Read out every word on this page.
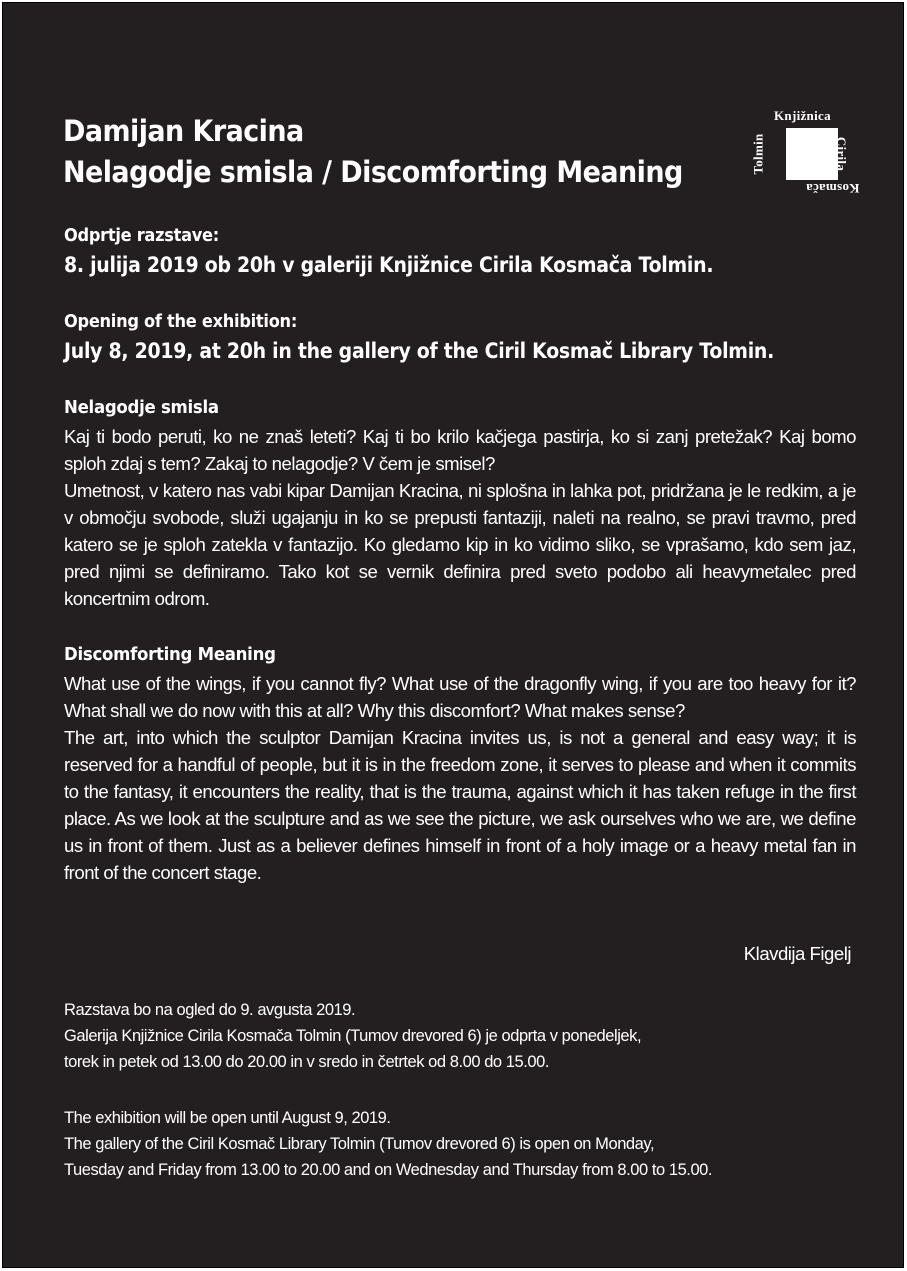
Damijan Kracina
Nelagodje smisla / Discomforting Meaning
Knjižnica
Cirila
Kosmača
Tolmin

Odprtje razstave:

8. julija 2019 ob 20h v galeriji Knjižnice Cirila Kosmača Tolmin.

Opening of the exhibition:

July 8, 2019, at 20h in the gallery of the Ciril Kosmač Library Tolmin.

Nelagodje smisla

Kaj ti bodo peruti, ko ne znaš leteti? Kaj ti bo krilo kačjega pastirja, ko si zanj pretežak? Kaj bomo sploh zdaj s tem? Zakaj to nelagodje? V čem je smisel?
Umetnost, v katero nas vabi kipar Damijan Kracina, ni splošna in lahka pot, pridržana je le redkim, a je v območju svobode, služi ugajanju in ko se prepusti fantaziji, naleti na realno, se pravi travmo, pred katero se je sploh zatekla v fantazijo. Ko gledamo kip in ko vidimo sliko, se vprašamo, kdo sem jaz, pred njimi se definiramo. Tako kot se vernik definira pred sveto podobo ali heavymetalec pred koncertnim odrom.

Discomforting Meaning

What use of the wings, if you cannot fly? What use of the dragonfly wing, if you are too heavy for it? What shall we do now with this at all? Why this discomfort? What makes sense?
The art, into which the sculptor Damijan Kracina invites us, is not a general and easy way; it is reserved for a handful of people, but it is in the freedom zone, it serves to please and when it commits to the fantasy, it encounters the reality, that is the trauma, against which it has taken refuge in the first place. As we look at the sculpture and as we see the picture, we ask ourselves who we are, we define us in front of them. Just as a believer defines himself in front of a holy image or a heavy metal fan in front of the concert stage.

Klavdija Figelj

Razstava bo na ogled do 9. avgusta 2019.
Galerija Knjižnice Cirila Kosmača Tolmin (Tumov drevored 6) je odprta v ponedeljek,
torek in petek od 13.00 do 20.00 in v sredo in četrtek od 8.00 do 15.00.
The exhibition will be open until August 9, 2019.
The gallery of the Ciril Kosmač Library Tolmin (Tumov drevored 6) is open on Monday,
Tuesday and Friday from 13.00 to 20.00 and on Wednesday and Thursday from 8.00 to 15.00.
